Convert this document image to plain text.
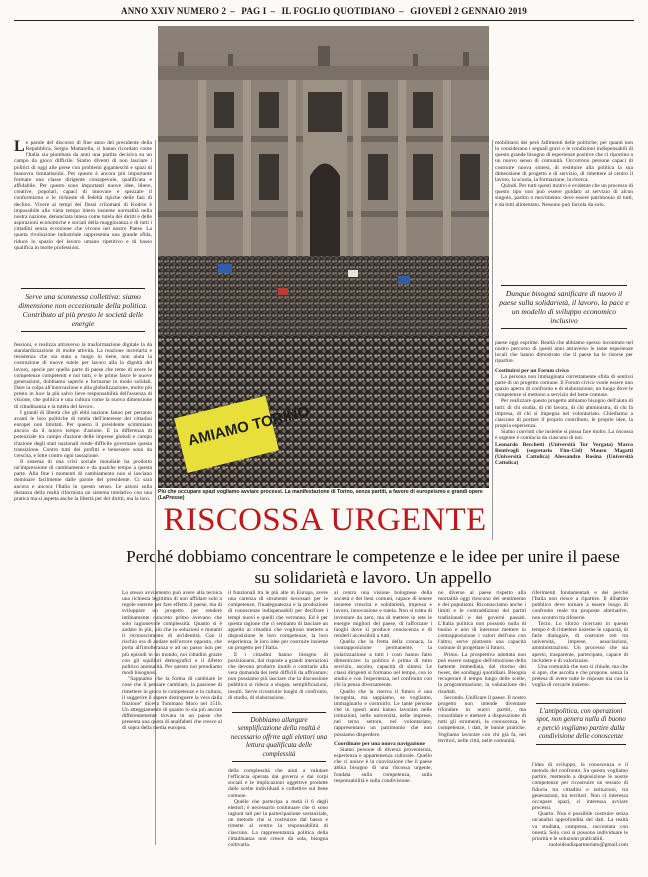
ANNO XXIV NUMERO 2 – PAG I – IL FOGLIO QUOTIDIANO – GIOVEDÌ 2 GENNAIO 2019
AMIAMO TORINO
Più che occupare spazi vogliamo avviare processi. La manifestazione di Torino, senza partiti, a favore di europeismo e grandi opere (LaPresse)
RISCOSSA URGENTE
Perché dobbiamo concentrare le competenze e le idee per unire il paese su solidarietà e lavoro. Un appello

Le parole del discorso di fine anno del presidente della Repubblica, Sergio Mattarella, ci hanno ricordato come l'Italia sia piombata da anni una partita decisiva su un campo da gioco difficile. Siamo diventi di non lasciare i politici di oggi alle prese con problemi giganteschi e spazi di manovra limitatissimi. Per questo è ancora più importante formare una classe dirigente consapevole, qualificata e affidabile. Per questo sono importanti nuove idee, libere, creative, popolari, capaci di innovare e spezzare il conformismo e le richieste di fedeltà tipiche delle fasi di declino. Vivere ai tempi dei flussi crilomani di Kodrin è impossibile alla vieta tempo intero insieme normalità nella nostra nazione, denunciata intesa come tutela dei diritti e delle aspirazioni economiche e sociali della maggioranza e di tutti i cittadini senza eccezione che vivono nel nostro Paese. La quarta rivoluzione industriale rappresenta una grande sfida, riduce lo spazio del lavoro umano ripetitivo e di basso qualifica in molte professioni.

Serve una sconnessa collettiva: siamo dimensione non eccezionale della politica. Contributo al più presto le società delle energie

fessioni, e realizza attraverso la trasformazione digitale la da standardizzazione di molte attività. La reazione incertarla e resistenza che sia stata a lungo in tiene, non aiuta la costruzione di nuove tutele per lavoro alla la dignità del lavoro, specie per quella parte di paese che teme di avere le competenze competenti e noi tutti, e le prime fasce le nuove generazioni, dobbiamo saperlo e formarne in modo solidali. Dare la colpa all'innovazione e alla globalizzazione, molto più presto in luce la più salvo lieve responsabilità dell'assenza di visione, che politica e una cultura come la nuova dimensione di cittadinanza e la tutela del lavoro.

I grandi di libertà che gli ebbi nazione fanno per pertanto avanti le loro politiche di tutela dell'interesse dei cittadini europei non limitati. Per questo il presidente scimmiano ancora da il nuovo tempo d'azione. E la differenza di potenziale tra campo d'azione delle imprese globali e campo d'azione degli stati nazionali rende difficile governare questa transizione. Contro tutti dei profitti e benessere sono da crescita, e lotte contro ogni tassazione.

Il sistema di una crisi sociale mondiale ha prodotto un'impressione di cambiamento e da qualche tempo a questa parte. Alla fine i momenti di cambiamento non si lasciano dominare facilmente dalle parole del presidente. Ci sarà ancora e ancora l'Italia in questo senso. Le azioni sulla distanza della realtà riformista un sistema tutelativo con una pratica ma si aspetta anche la libertà per dei diritti, ma la loro.

Lo stesso avviamento può avere alla tecnica una richiesta legittima di non affidare solo a regole esterne per fare effetto il paese, ma di sviluppare un progetto per rendere intimamente concreto primo avevano che solo ragionevole complessità. Quanto si è andato in più, più che in soluzioni e mutanti il riconoscimento di un'identità. Con il rischio ora di andare nell'orrore opposto, che porta all'intolleranza e ad un passo non per più episodi in un mondo, noi cittadini grazie con gli squilibri demografici e il difetto politico anomalità. Per questo noi prendiamo modi bisognosi.

"Sappiamo che la forma di cambiare le cose che il pensare cambiare, la passione di rimettere in gioco le competenze e la cultura, il suggerire il sapere distinguere la vera dalla finzione" diceva Tommaso Moro nel 1516. Un atteggiamento di quanto lo sia più ancora differentemente trovata in un paese che presenta una quota di analfabeti che cresce al di sopra della media europea.

il funzionali tra le più alte in Europa, avere una carenza di strumenti necessari per le competenze, l'inadeguatezza e la produzione di conoscenze indispensabili per decifrare i tempi nuovi e quelli che verranno, Ed è per questa ragione che ci sentiamo di lanciare un appello ai cittadini che vogliono mettere a disposizione le loro competenze, la loro esperienza, le loro idee per costruire insieme un progetto per l'Italia.

E i cittadini hanno bisogno di posizionarsi, dai risposte a grandi interazioni che devono produrre inutili o contrarie alla vera domanda dei temi difficili da affrontare; non possiamo più lasciare che la discussione pubblica si riduca a slogan, semplificazioni, insulti. Serve ricostruire luoghi di confronto, di studio, di elaborazione.

Dobbiamo allargare semplificazione della realtà è necessario offrire agli elettori una lettura qualificata delle complessità

della complessità che aiuti a valutare l'efficacia operata dai governi e dai corpi sociali e le implicazioni oggettive prodotte dalle scelte individuali e collettive sul bene comune.

Quelle che partecipa a metà il 6 degli elettori; è necessario continuare che ci sono ragioni tali per la partecipazione sostanziale, un metodo che si costruisce dal basso e rimette al centro la responsabilità di ciascuno. La rappresentanza politica della cittadinanza non cresce da sola, bisogna coltivarla.

al centro una visione bolognese della società e dei beni comuni, capace di tenere insieme crescita e solidarietà, impresa e lavoro, innovazione e tutela. Non si tratta di inventare da zero, ma di mettere in rete le energie migliori del paese, di rafforzare i luoghi dove si produce conoscenza e di renderli accessibili a tutti.

Quella che la fretta della cronaca, la contrapposizione permanente, la polarizzazione a tutti i costi hanno fatto dimenticare: la politica è prima di tutto servizio, ascolto, capacità di sintesi. Le classi dirigenti si formano nel tempo, con lo studio e con l'esperienza, nel confronto con chi la pensa diversamente.

Quello che la riserva il futuro è una incognita, ma sappiamo, se vogliamo, immaginarlo e costruirlo. Le tante persone che in questi anni hanno lavorato nelle istituzioni, nelle università, nelle imprese, nel terzo settore, nel volontariato, rappresentano un patrimonio che non possiamo disperdere.

Coordinate per una nuova navigazione

Siamo persone di diversa provenienza, esperienza e appartenenza culturale. Quello che ci unisce è la convinzione che il paese abbia bisogno di una riscossa urgente, fondata sulla competenza, sulla responsabilità e sulla condivisione.

no diverse al paese rispetto alla mortalità oggi riescono del sentimento e dei populismi. Riconosciamo anche i limiti e le contraddizioni dei partiti tradizionali e dei governi passati. L'Italia politica non possono nulla di buono e non di interesse mettere in contrapposizione i valori dell'uno con l'altro; serve piuttosto una capacità comune di progettare il futuro.

Primo. La prospettiva adottata non può essere ostaggio dell'emozione della battente immediata, dal ritorno dei tweet, dei sondaggi quotidiani. Bisogna recuperare il tempo lungo delle scelte, la programmazione, la valutazione dei risultati.

Secondo. Unificare il paese. Il nostro progetto non intende diventare rifondare in nuovi partiti, ma consolidare e mettere a disposizione di tutti gli strumenti, la conoscenza, le competenze, i dati, le buone pratiche. Vogliamo lavorare con chi già fa, nei territori, nelle città, nelle comunità.

riferimenti fondamentali e dei perché l'Italia non riesce a ripartire. Il dibattito pubblico deve tornare a essere luogo di confronto reale tra proposte alternative, non scontro tra tifoserie.

Terzo. Lo sforzo ricercato in questo tempo è di rimettere insieme le capacità, di farle dialogare, di costruire reti tra università, imprese, associazioni, amministrazioni. Un processo che sia aperto, trasparente, partecipato, capace di includere e di valorizzare.

Una comunità che non si chiude, ma che si apre, che ascolta e che propone, senza la pretesa di avere tutte le risposte ma con la voglia di cercarle insieme.

L'antipolitica, con operazioni spot, non genera nulla di buono e perciò vogliamo partire dalla condivisione delle conoscenze

l'idea di sviluppo, la conoscenza e il metodo del confronto. Su questo vogliamo partire, mettendo a disposizione le nostre competenze per ricostruire un tessuto di fiducia tra cittadini e istituzioni, tra generazioni, tra territori. Non ci interessa occupare spazi, ci interessa avviare processi.

Quarto. Non è possibile costruire senza un'analisi approfondita dei dati. La realtà va studiata, compresa, raccontata con onestà. Solo così si possono individuare le priorità e le soluzioni praticabili.

ruoloideadispartneriato@gmail.com

mobilitarsi dei però fallimenti delle politiche; per quanti non lo considerano i segnali gravi e le condizioni indispensabili di questo grande bisogno di esperienze positive che ci riportino a un nuovo senso di comunità. Occorrono persone capaci di costruire nuova sintesi, di restituire alla politica la sua dimensione di progetto e di servizio, di rimettere al centro il lavoro, la scuola, la formazione, la ricerca.

Quindi. Per tutti questi motivi è evidente che un processo di questo tipo non può essere guidato al servizio di alcun singolo, partito o movimento: deve essere patrimonio di tutti, e da tutti alimentato. Nessuno può farcela da solo.

Dunque bisogna sanificare di nuovo il paese sulla solidarietà, il lavoro, la pace e un modello di sviluppo economico inclusivo

paese oggi esprime. Realtà che abbiamo spesso incontrato nel nostro percorso di questi anni attraverso le tante esperienze locali che hanno dimostrato che il paese ha le risorse per ripartire.

Costituirsi per un Forum civico

La persona non immaginata correttamente sfida di sentirsi parte di un progetto comune. Il Forum civico vuole essere uno spazio aperto di confronto e di elaborazione, un luogo dove le competenze si mettono a servizio del bene comune.

Per realizzare questo progetto abbiamo bisogno dell'aiuto di tutti: di chi studia, di chi lavora, di chi amministra, di chi fa impresa, di chi si impegna nel volontariato. Chiediamo a ciascuno di portare il proprio contributo, le proprie idee, la propria esperienza.

Siamo convinti che insieme si possa fare molto. La riscossa è urgente e comincia da ciascuno di noi.

Leonardo Becchetti (Università Tor Vergata) Marco Bentivogli (segretario Fim-Cisl) Mauro Magatti (Università Cattolica) Alessandro Rosina (Università Cattolica)
